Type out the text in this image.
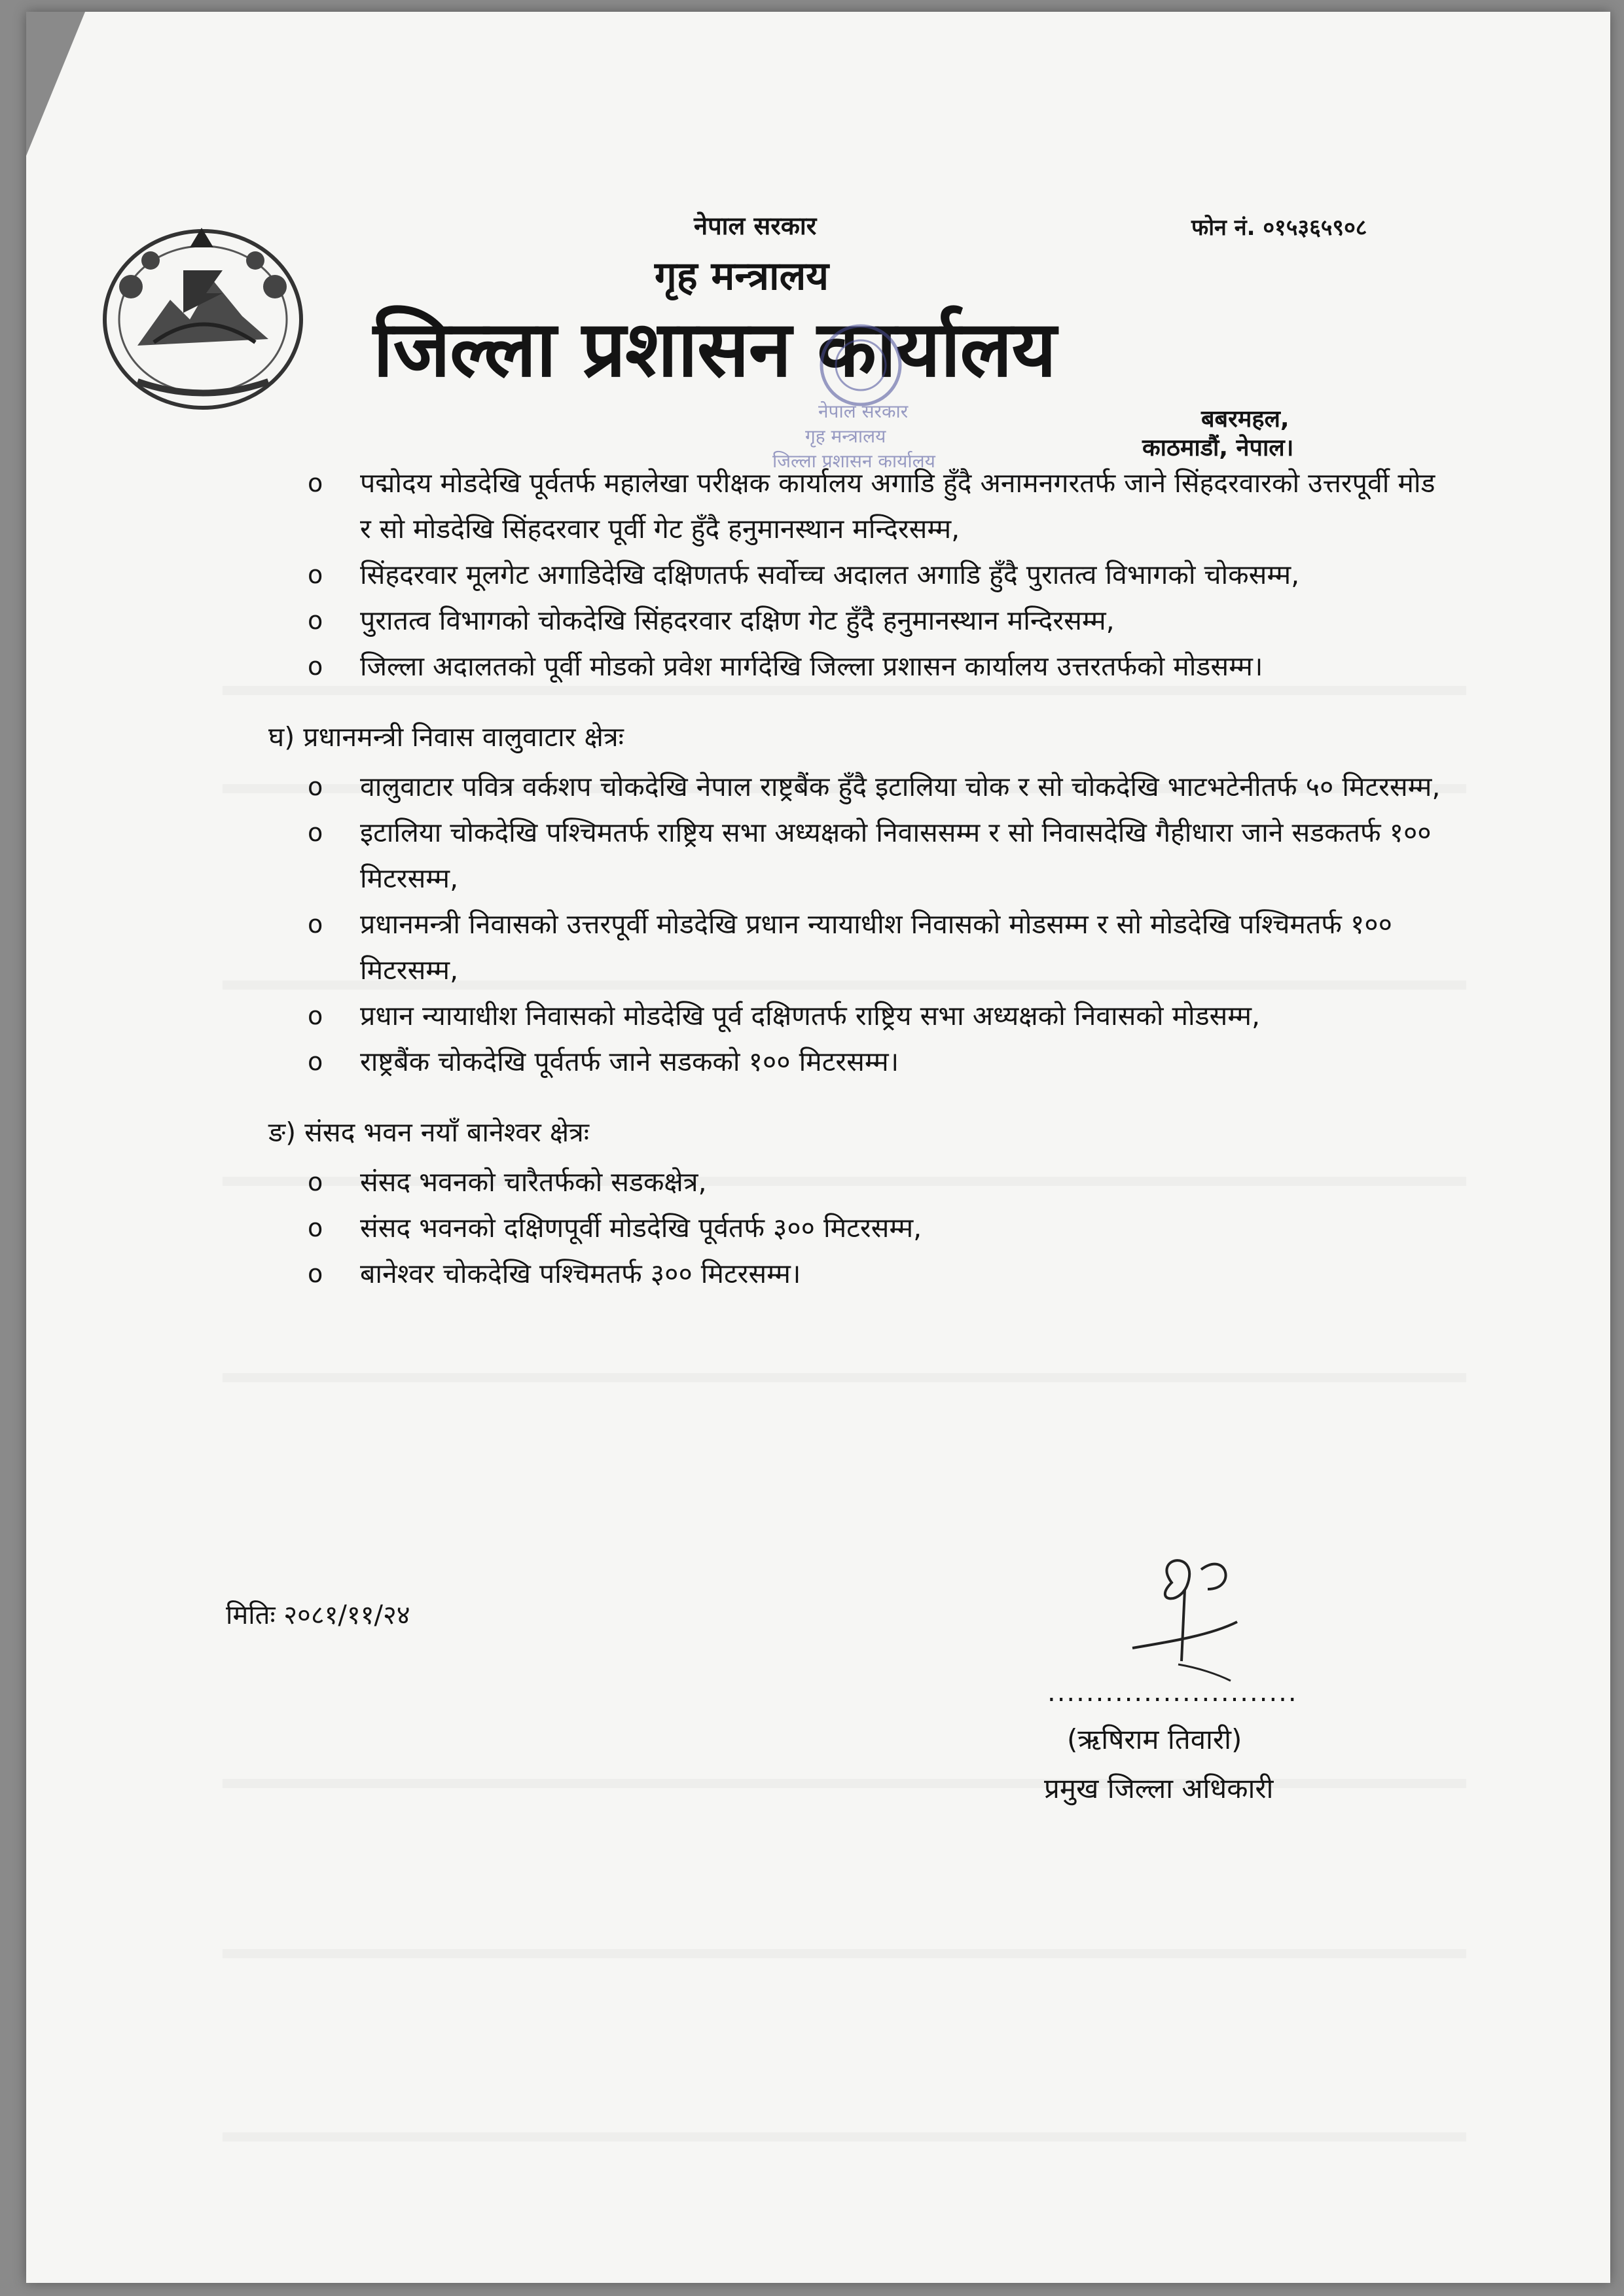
नेपाल सरकार	फोन नं. ०१५३६५९०८
गृह मन्त्रालय
जिल्ला प्रशासन कार्यालय
बबरमहल,
काठमाडौं, नेपाल।
नेपाल सरकार
गृह मन्त्रालय
जिल्ला प्रशासन कार्यालय
o पद्मोदय मोडदेखि पूर्वतर्फ महालेखा परीक्षक कार्यालय अगाडि हुँदै अनामनगरतर्फ जाने सिंहदरवारको उत्तरपूर्वी मोड र सो मोडदेखि सिंहदरवार पूर्वी गेट हुँदै हनुमानस्थान मन्दिरसम्म,
o सिंहदरवार मूलगेट अगाडिदेखि दक्षिणतर्फ सर्वोच्च अदालत अगाडि हुँदै पुरातत्व विभागको चोकसम्म,
o पुरातत्व विभागको चोकदेखि सिंहदरवार दक्षिण गेट हुँदै हनुमानस्थान मन्दिरसम्म,
o जिल्ला अदालतको पूर्वी मोडको प्रवेश मार्गदेखि जिल्ला प्रशासन कार्यालय उत्तरतर्फको मोडसम्म।
घ) प्रधानमन्त्री निवास वालुवाटार क्षेत्रः
o वालुवाटार पवित्र वर्कशप चोकदेखि नेपाल राष्ट्रबैंक हुँदै इटालिया चोक र सो चोकदेखि भाटभटेनीतर्फ ५० मिटरसम्म,
o इटालिया चोकदेखि पश्चिमतर्फ राष्ट्रिय सभा अध्यक्षको निवाससम्म र सो निवासदेखि गैहीधारा जाने सडकतर्फ १०० मिटरसम्म,
o प्रधानमन्त्री निवासको उत्तरपूर्वी मोडदेखि प्रधान न्यायाधीश निवासको मोडसम्म र सो मोडदेखि पश्चिमतर्फ १०० मिटरसम्म,
o प्रधान न्यायाधीश निवासको मोडदेखि पूर्व दक्षिणतर्फ राष्ट्रिय सभा अध्यक्षको निवासको मोडसम्म,
o राष्ट्रबैंक चोकदेखि पूर्वतर्फ जाने सडकको १०० मिटरसम्म।
ङ) संसद भवन नयाँ बानेश्वर क्षेत्रः
o संसद भवनको चारैतर्फको सडकक्षेत्र,
o संसद भवनको दक्षिणपूर्वी मोडदेखि पूर्वतर्फ ३०० मिटरसम्म,
o बानेश्वर चोकदेखि पश्चिमतर्फ ३०० मिटरसम्म।
मितिः २०८१/११/२४
..........................
(ऋषिराम तिवारी)
प्रमुख जिल्ला अधिकारी
